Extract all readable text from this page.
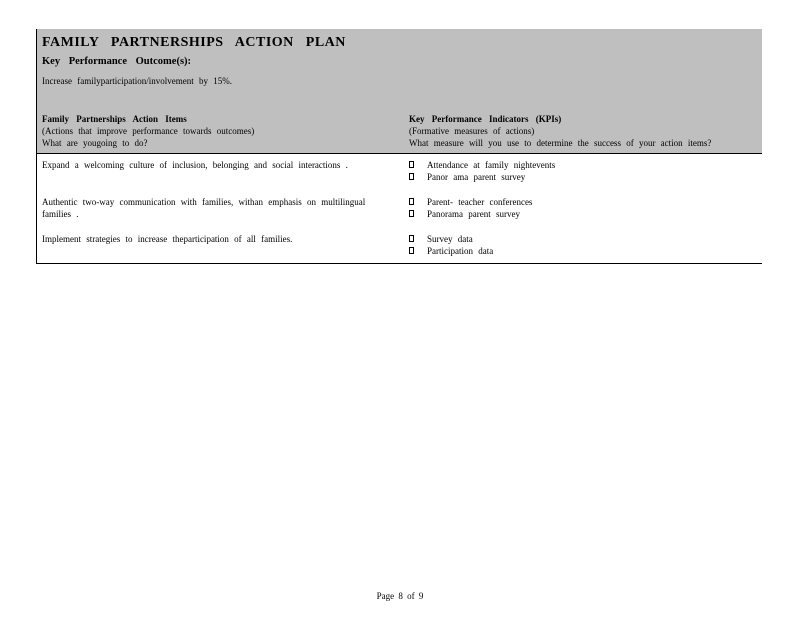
FAMILY PARTNERSHIPS ACTION PLAN
Key Performance Outcome(s):
Increase familyparticipation/involvement by 15%.
Family Partnerships Action Items
(Actions that improve performance towards outcomes)
What are yougoing to do?
Key Performance Indicators (KPIs)
(Formative measures of actions)
What measure will you use to determine the success of your action items?
Expand a welcoming culture of inclusion, belonging and social interactions .	Attendance at family nightevents
Panor ama parent survey
Authentic two-way communication with families, withan emphasis on multilingual families .
Parent- teacher conferences
Panorama parent survey
Implement strategies to increase theparticipation of all families.	Survey data
Participation data
Page 8 of 9
